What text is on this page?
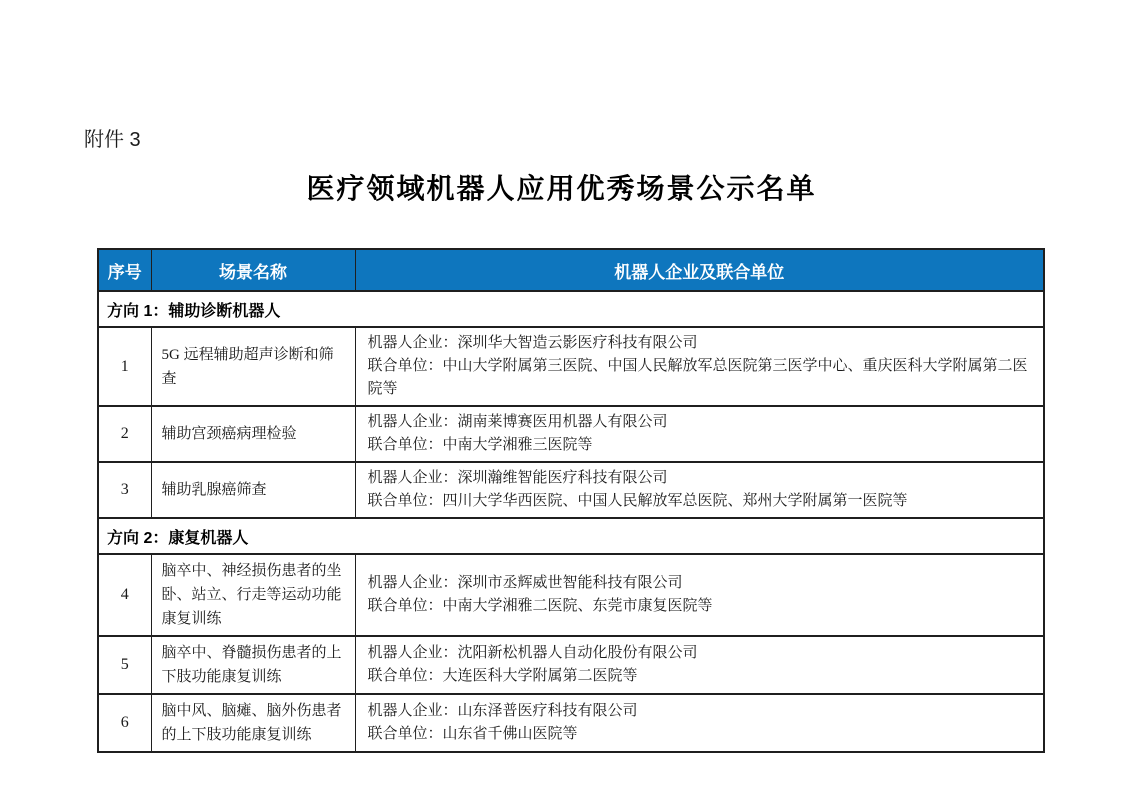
附件 3
医疗领域机器人应用优秀场景公示名单
序号	场景名称	机器人企业及联合单位
方向 1：辅助诊断机器人		
1	5G 远程辅助超声诊断和筛查	机器人企业：深圳华大智造云影医疗科技有限公司
联合单位：中山大学附属第三医院、中国人民解放军总医院第三医学中心、重庆医科大学附属第二医院等

2	辅助宫颈癌病理检验	机器人企业：湖南莱博赛医用机器人有限公司
联合单位：中南大学湘雅三医院等

3	辅助乳腺癌筛查	机器人企业：深圳瀚维智能医疗科技有限公司
联合单位：四川大学华西医院、中国人民解放军总医院、郑州大学附属第一医院等

方向 2：康复机器人		
4	脑卒中、神经损伤患者的坐卧、站立、行走等运动功能康复训练	机器人企业：深圳市丞辉威世智能科技有限公司
联合单位：中南大学湘雅二医院、东莞市康复医院等

5	脑卒中、脊髓损伤患者的上下肢功能康复训练	机器人企业：沈阳新松机器人自动化股份有限公司
联合单位：大连医科大学附属第二医院等

6	脑中风、脑瘫、脑外伤患者的上下肢功能康复训练	机器人企业：山东泽普医疗科技有限公司
联合单位：山东省千佛山医院等
